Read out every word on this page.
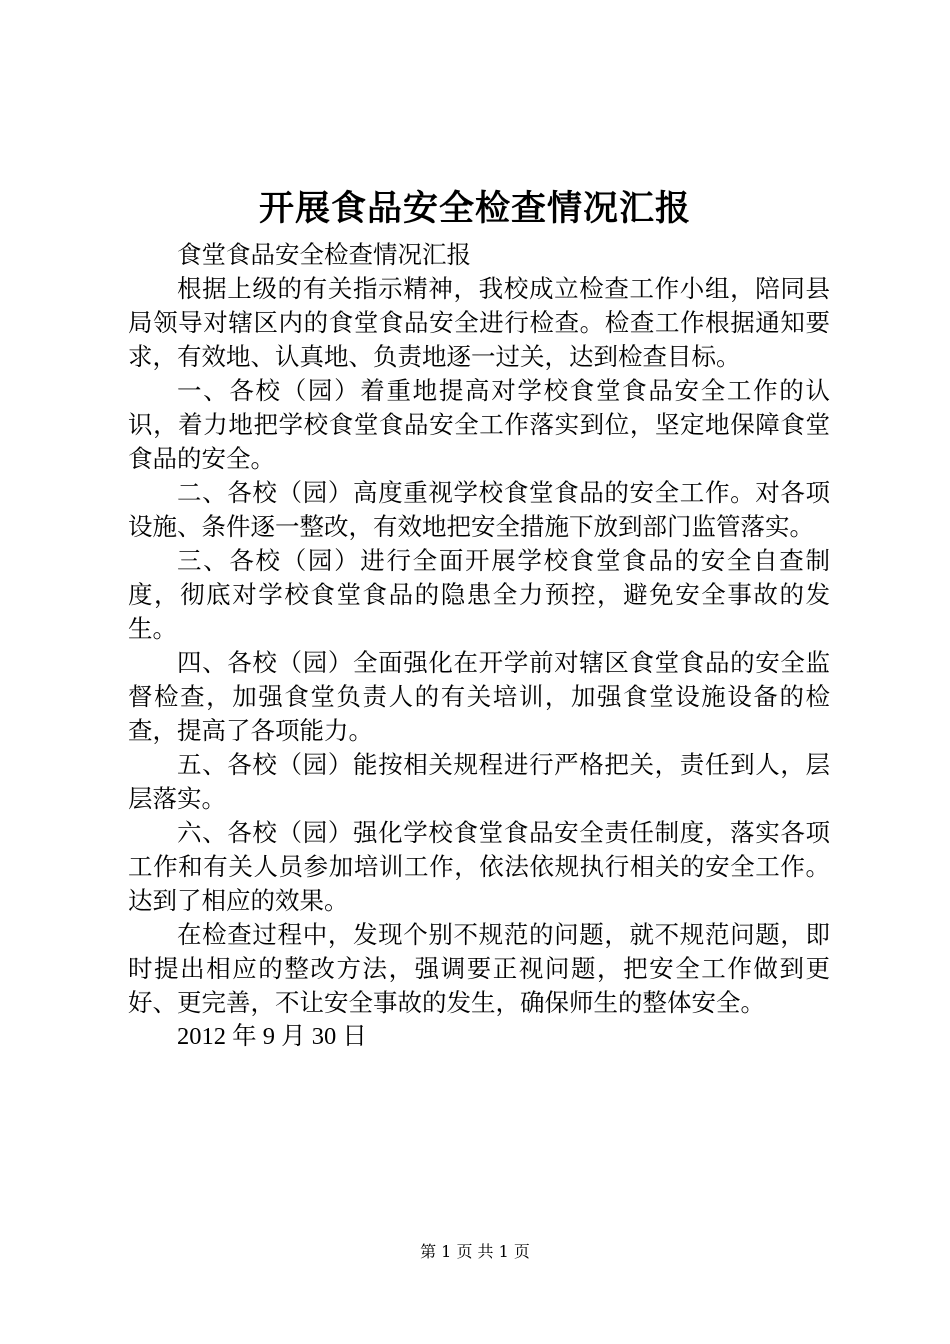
开展食品安全检查情况汇报

食堂食品安全检查情况汇报

根据上级的有关指示精神，我校成立检查工作小组，陪同县局领导对辖区内的食堂食品安全进行检查。检查工作根据通知要求，有效地、认真地、负责地逐一过关，达到检查目标。

一、各校（园）着重地提高对学校食堂食品安全工作的认识，着力地把学校食堂食品安全工作落实到位，坚定地保障食堂食品的安全。

二、各校（园）高度重视学校食堂食品的安全工作。对各项设施、条件逐一整改，有效地把安全措施下放到部门监管落实。

三、各校（园）进行全面开展学校食堂食品的安全自查制度，彻底对学校食堂食品的隐患全力预控，避免安全事故的发生。

四、各校（园）全面强化在开学前对辖区食堂食品的安全监督检查，加强食堂负责人的有关培训，加强食堂设施设备的检查，提高了各项能力。

五、各校（园）能按相关规程进行严格把关，责任到人，层层落实。

六、各校（园）强化学校食堂食品安全责任制度，落实各项工作和有关人员参加培训工作，依法依规执行相关的安全工作。达到了相应的效果。

在检查过程中，发现个别不规范的问题，就不规范问题，即时提出相应的整改方法，强调要正视问题，把安全工作做到更好、更完善，不让安全事故的发生，确保师生的整体安全。

2012 年 9 月 30 日

第 1 页 共 1 页
